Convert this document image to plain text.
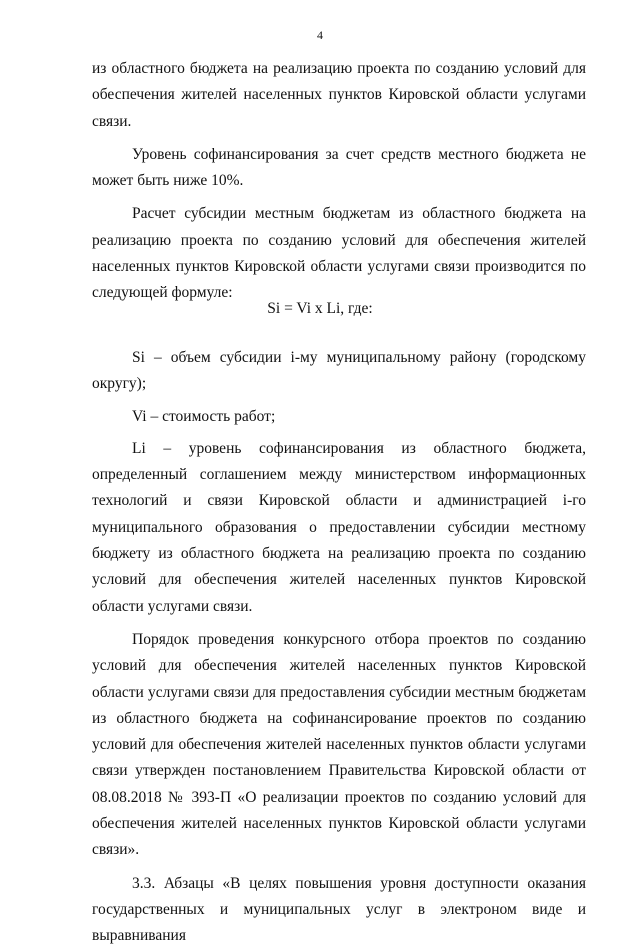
4

из областного бюджета на реализацию проекта по созданию условий для обеспечения жителей населенных пунктов Кировской области услугами связи.

Уровень софинансирования за счет средств местного бюджета не может быть ниже 10%.

Расчет субсидии местным бюджетам из областного бюджета на реализацию проекта по созданию условий для обеспечения жителей населенных пунктов Кировской области услугами связи производится по следующей формуле:

Si = Vi x Li, где:

Si – объем субсидии i-му муниципальному району (городскому округу);

Vi – стоимость работ;

Li – уровень софинансирования из областного бюджета, определенный соглашением между министерством информационных технологий и связи Кировской области и администрацией i-го муниципального образования о предоставлении субсидии местному бюджету из областного бюджета на реализацию проекта по созданию условий для обеспечения жителей населенных пунктов Кировской области услугами связи.

Порядок проведения конкурсного отбора проектов по созданию условий для обеспечения жителей населенных пунктов Кировской области услугами связи для предоставления субсидии местным бюджетам из областного бюджета на софинансирование проектов по созданию условий для обеспечения жителей населенных пунктов области услугами связи утвержден постановлением Правительства Кировской области от 08.08.2018 № 393-П «О реализации проектов по созданию условий для обеспечения жителей населенных пунктов Кировской области услугами связи».

3.3. Абзацы «В целях повышения уровня доступности оказания государственных и муниципальных услуг в электроном виде и выравнивания
